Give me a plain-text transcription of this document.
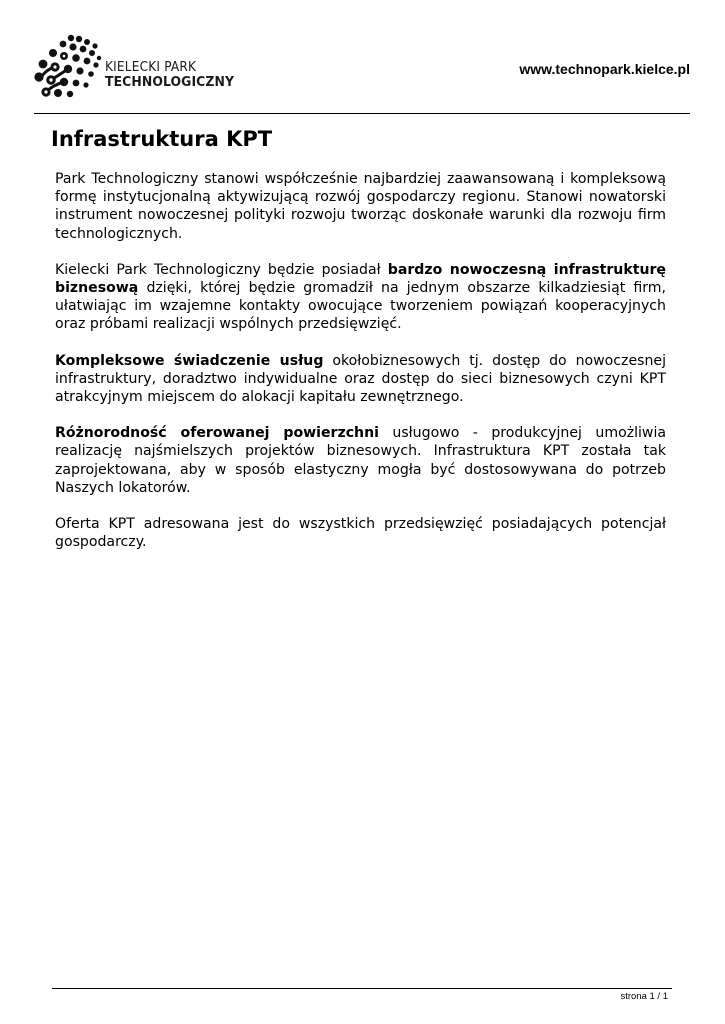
KIELECKI PARK
TECHNOLOGICZNY
www.technopark.kielce.pl
Infrastruktura KPT

Park Technologiczny stanowi współcześnie najbardziej zaawansowaną i kompleksową formę instytucjonalną aktywizującą rozwój gospodarczy regionu. Stanowi nowatorski instrument nowoczesnej polityki rozwoju tworząc doskonałe warunki dla rozwoju firm technologicznych.

Kielecki Park Technologiczny będzie posiadał bardzo nowoczesną infrastrukturę biznesową dzięki, której będzie gromadził na jednym obszarze kilkadziesiąt firm, ułatwiając im wzajemne kontakty owocujące tworzeniem powiązań kooperacyjnych oraz próbami realizacji wspólnych przedsięwzięć.

Kompleksowe świadczenie usług okołobiznesowych tj. dostęp do nowoczesnej infrastruktury, doradztwo indywidualne oraz dostęp do sieci biznesowych czyni KPT atrakcyjnym miejscem do alokacji kapitału zewnętrznego.

Różnorodność oferowanej powierzchni usługowo - produkcyjnej umożliwia realizację najśmielszych projektów biznesowych. Infrastruktura KPT została tak zaprojektowana, aby w sposób elastyczny mogła być dostosowywana do potrzeb Naszych lokatorów.

Oferta KPT adresowana jest do wszystkich przedsięwzięć posiadających potencjał gospodarczy.

strona 1 / 1
